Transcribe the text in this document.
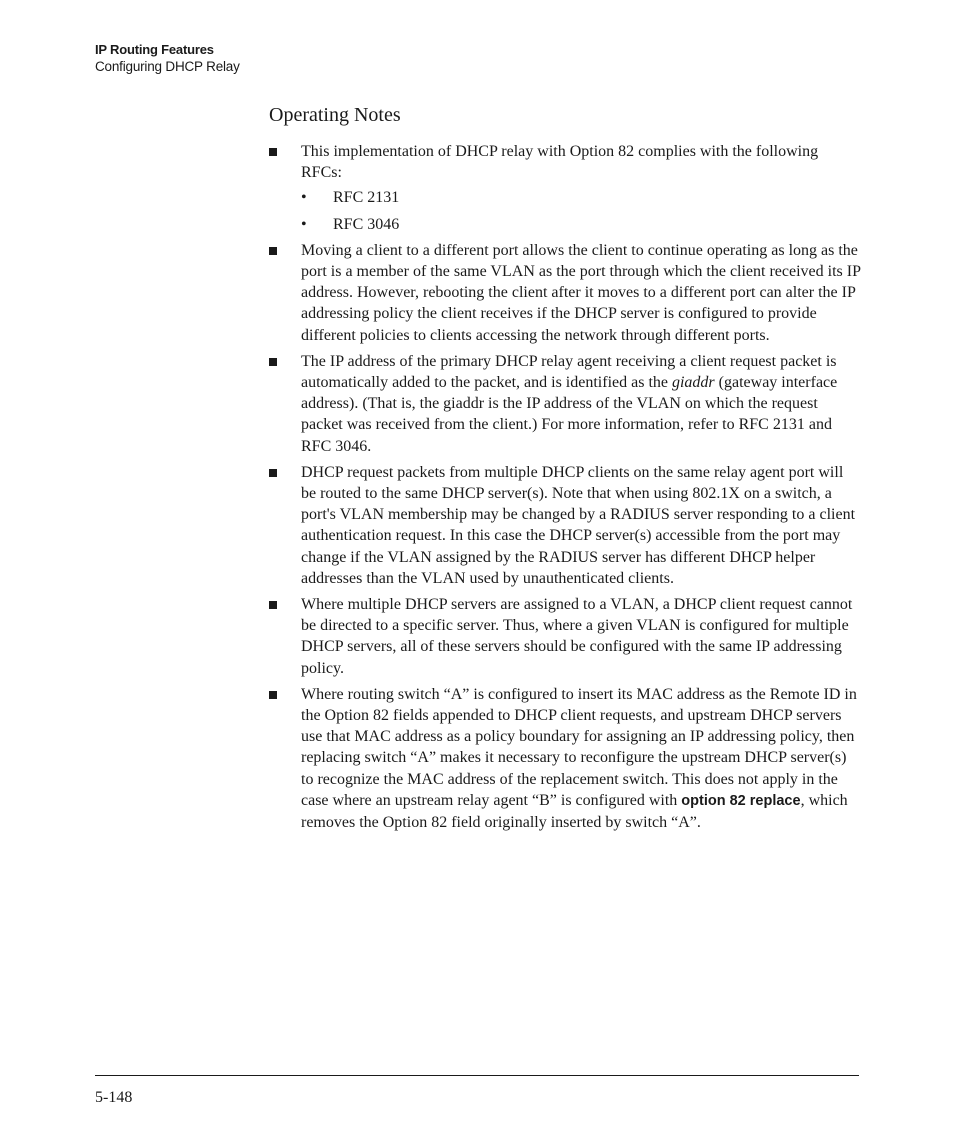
IP Routing Features
Configuring DHCP Relay
Operating Notes
This implementation of DHCP relay with Option 82 complies with the following RFCs:
• RFC 2131
• RFC 3046
Moving a client to a different port allows the client to continue operating as long as the port is a member of the same VLAN as the port through which the client received its IP address. However, rebooting the client after it moves to a different port can alter the IP addressing policy the client receives if the DHCP server is configured to provide different policies to clients accessing the network through different ports.
The IP address of the primary DHCP relay agent receiving a client request packet is automatically added to the packet, and is identified as the giaddr (gateway interface address). (That is, the giaddr is the IP address of the VLAN on which the request packet was received from the client.) For more information, refer to RFC 2131 and RFC 3046.
DHCP request packets from multiple DHCP clients on the same relay agent port will be routed to the same DHCP server(s). Note that when using 802.1X on a switch, a port's VLAN membership may be changed by a RADIUS server responding to a client authentication request. In this case the DHCP server(s) accessible from the port may change if the VLAN assigned by the RADIUS server has different DHCP helper addresses than the VLAN used by unauthenticated clients.
Where multiple DHCP servers are assigned to a VLAN, a DHCP client request cannot be directed to a specific server. Thus, where a given VLAN is configured for multiple DHCP servers, all of these servers should be configured with the same IP addressing policy.
Where routing switch “A” is configured to insert its MAC address as the Remote ID in the Option 82 fields appended to DHCP client requests, and upstream DHCP servers use that MAC address as a policy boundary for assigning an IP addressing policy, then replacing switch “A” makes it necessary to reconfigure the upstream DHCP server(s) to recognize the MAC address of the replacement switch. This does not apply in the case where an upstream relay agent “B” is configured with option 82 replace, which removes the Option 82 field originally inserted by switch “A”.
5-148
